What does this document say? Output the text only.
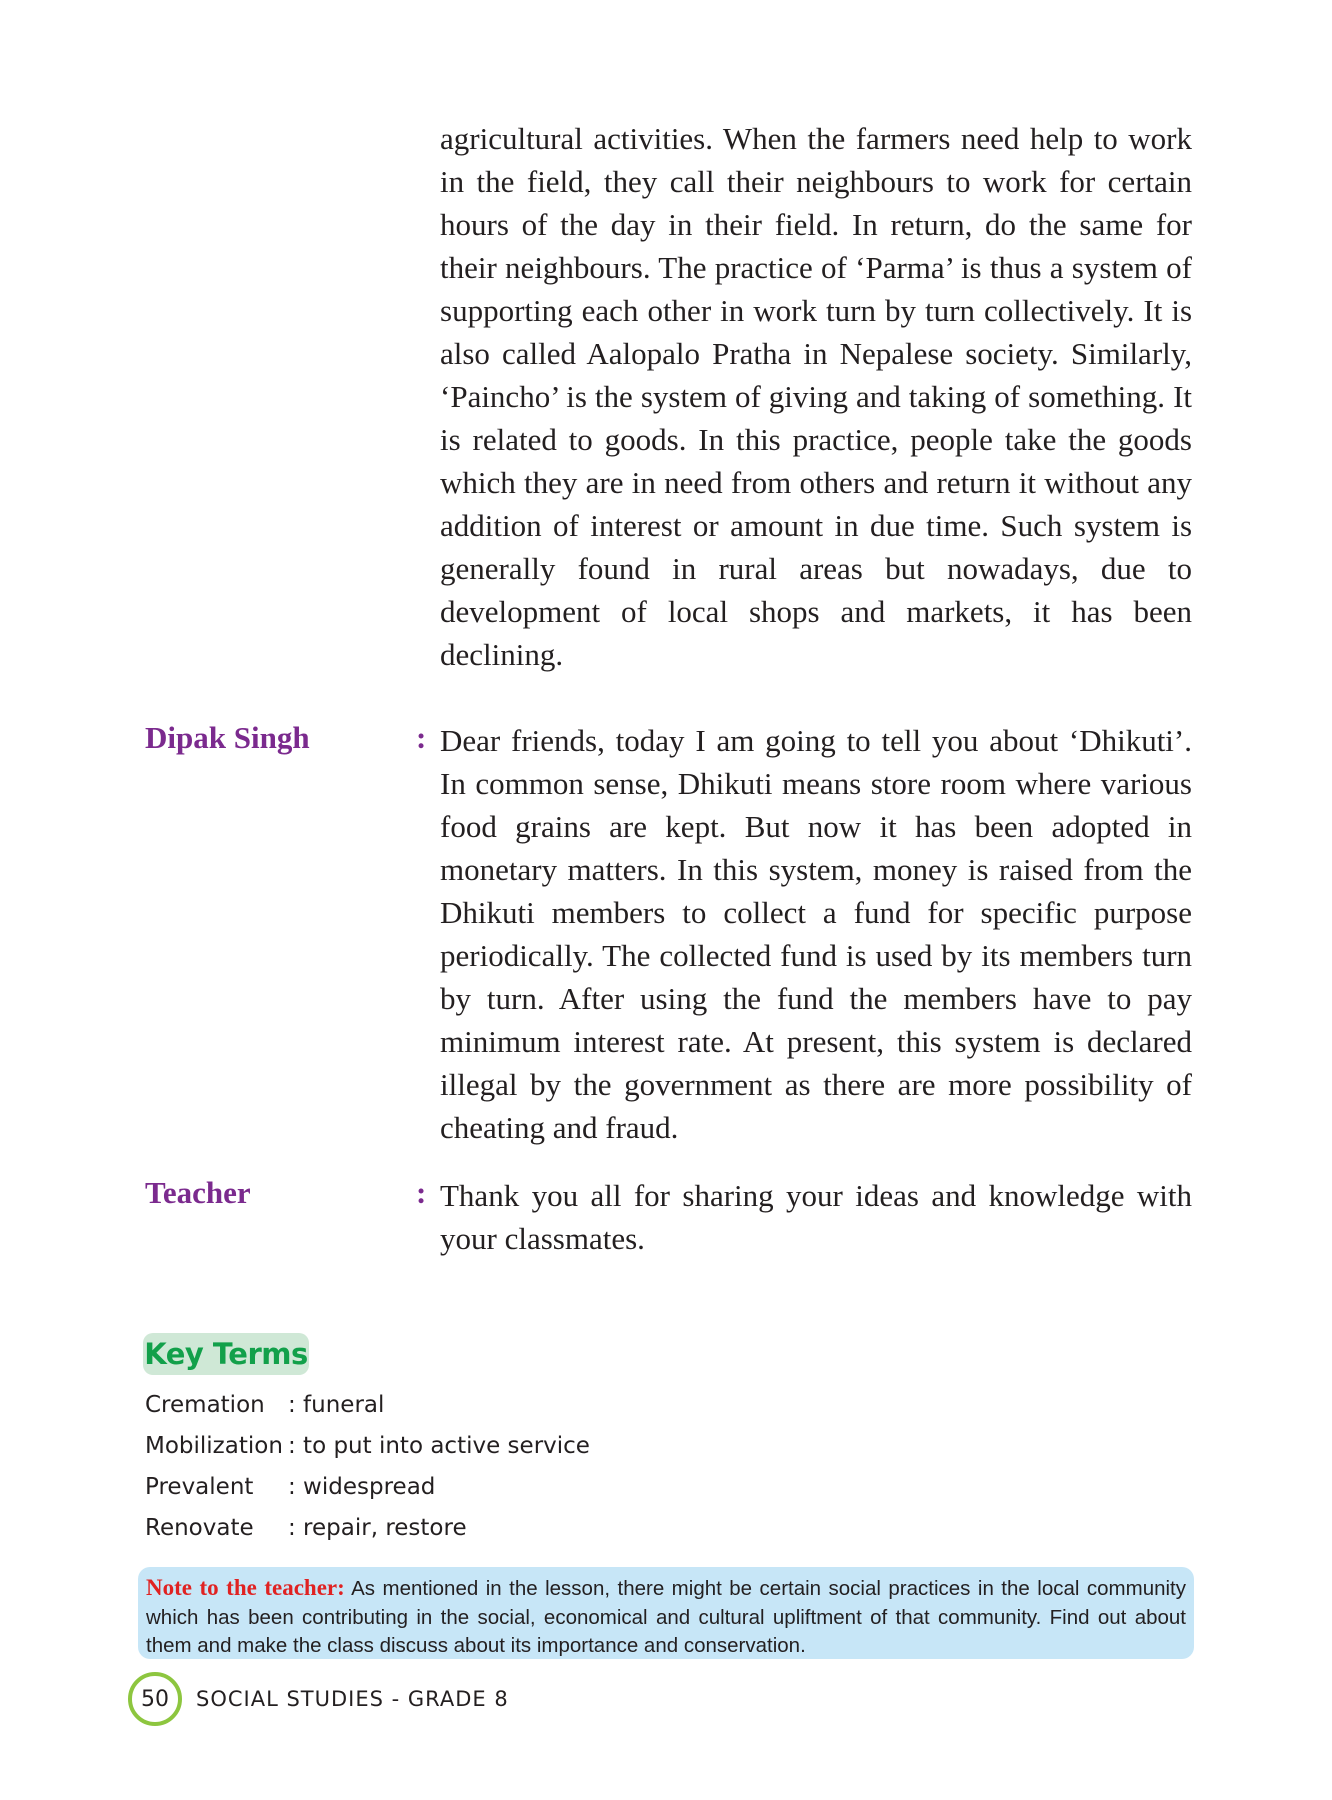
agricultural activities. When the farmers need help to work in the field, they call their neighbours to work for certain hours of the day in their field. In return, do the same for their neighbours. The practice of ‘Parma’ is thus a system of supporting each other in work turn by turn collectively. It is also called Aalopalo Pratha in Nepalese society. Similarly, ‘Paincho’ is the system of giving and taking of something. It is related to goods. In this practice, people take the goods which they are in need from others and return it without any addition of interest or amount in due time. Such system is generally found in rural areas but nowadays, due to development of local shops and markets, it has been declining.

Dipak Singh	: Dear friends, today I am going to tell you about ‘Dhikuti’. In common sense, Dhikuti means store room where various food grains are kept. But now it has been adopted in monetary matters. In this system, money is raised from the Dhikuti members to collect a fund for specific purpose periodically. The collected fund is used by its members turn by turn. After using the fund the members have to pay minimum interest rate. At present, this system is declared illegal by the government as there are more possibility of cheating and fraud.

Teacher	: Thank you all for sharing your ideas and knowledge with your classmates.

Key Terms
Cremation	: funeral
Mobilization : to put into active service
Prevalent	: widespread
Renovate	: repair, restore
Note to the teacher: As mentioned in the lesson, there might be certain social practices in the local community which has been contributing in the social, economical and cultural upliftment of that community. Find out about them and make the class discuss about its importance and conservation.
50	SOCIAL STUDIES - GRADE 8
